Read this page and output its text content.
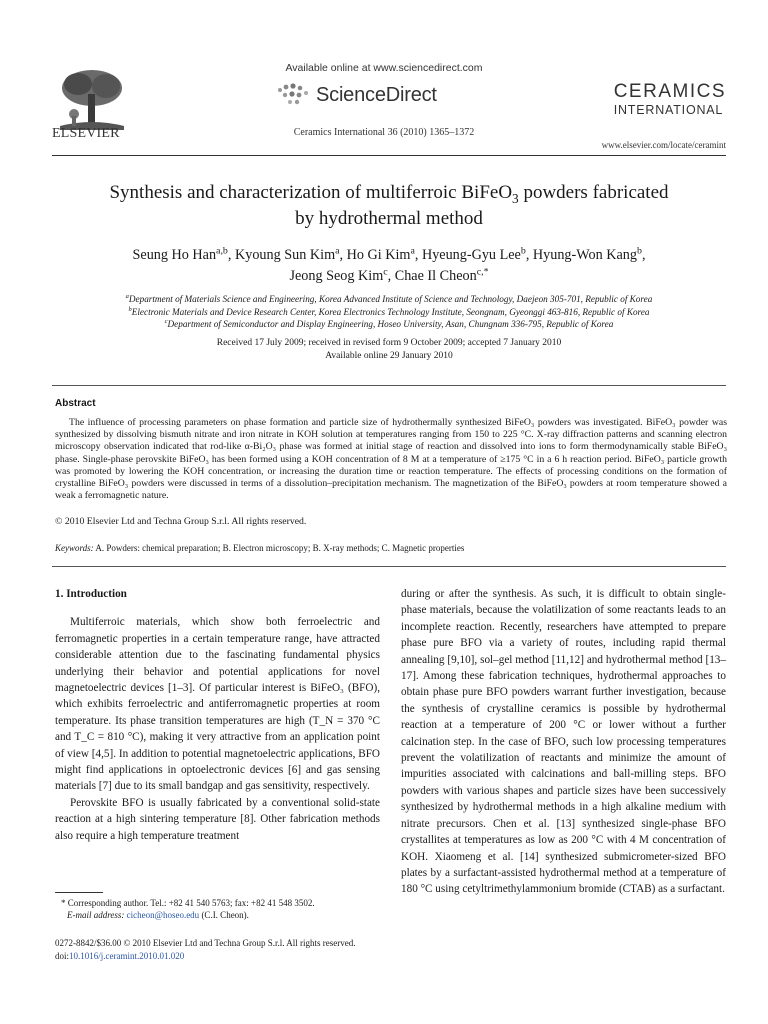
ELSEVIER
Available online at www.sciencedirect.com
ScienceDirect
Ceramics International 36 (2010) 1365–1372
CERAMICS
INTERNATIONAL
www.elsevier.com/locate/ceramint
Synthesis and characterization of multiferroic BiFeO$_3$ powders fabricated
by hydrothermal method
Seung Ho Han$^{a,b}$, Kyoung Sun Kim$^a$, Ho Gi Kim$^a$, Hyeung-Gyu Lee$^b$, Hyung-Won Kang$^b$,
Jeong Seog Kim$^c$, Chae Il Cheon$^{c,*}$
$^a$Department of Materials Science and Engineering, Korea Advanced Institute of Science and Technology, Daejeon 305-701, Republic of Korea
$^b$Electronic Materials and Device Research Center, Korea Electronics Technology Institute, Seongnam, Gyeonggi 463-816, Republic of Korea
$^c$Department of Semiconductor and Display Engineering, Hoseo University, Asan, Chungnam 336-795, Republic of Korea
Received 17 July 2009; received in revised form 9 October 2009; accepted 7 January 2010
Available online 29 January 2010
Abstract
The influence of processing parameters on phase formation and particle size of hydrothermally synthesized BiFeO₃ powders was investigated. BiFeO₃ powder was synthesized by dissolving bismuth nitrate and iron nitrate in KOH solution at temperatures ranging from 150 to 225 °C. X-ray diffraction patterns and scanning electron microscopy observation indicated that rod-like α-Bi₂O₃ phase was formed at initial stage of reaction and dissolved into ions to form thermodynamically stable BiFeO₃ phase. Single-phase perovskite BiFeO₃ has been formed using a KOH concentration of 8 M at a temperature of ≥175 °C in a 6 h reaction period. BiFeO₃ particle growth was promoted by lowering the KOH concentration, or increasing the duration time or reaction temperature. The effects of processing conditions on the formation of crystalline BiFeO₃ powders were discussed in terms of a dissolution–precipitation mechanism. The magnetization of the BiFeO₃ powders at room temperature showed a weak a ferromagnetic nature.
© 2010 Elsevier Ltd and Techna Group S.r.l. All rights reserved.
Keywords: A. Powders: chemical preparation; B. Electron microscopy; B. X-ray methods; C. Magnetic properties
1. Introduction

Multiferroic materials, which show both ferroelectric and ferromagnetic properties in a certain temperature range, have attracted considerable attention due to the fascinating fundamental physics underlying their behavior and potential applications for novel magnetoelectric devices [1–3]. Of particular interest is BiFeO₃ (BFO), which exhibits ferroelectric and antiferromagnetic properties at room temperature. Its phase transition temperatures are high (T_N = 370 °C and T_C = 810 °C), making it very attractive from an application point of view [4,5]. In addition to potential magnetoelectric applications, BFO might find applications in optoelectronic devices [6] and gas sensing materials [7] due to its small bandgap and gas sensitivity, respectively.

Perovskite BFO is usually fabricated by a conventional solid-state reaction at a high sintering temperature [8]. Other fabrication methods also require a high temperature treatment

during or after the synthesis. As such, it is difficult to obtain single-phase materials, because the volatilization of some reactants leads to an incomplete reaction. Recently, researchers have attempted to prepare phase pure BFO via a variety of routes, including rapid thermal annealing [9,10], sol–gel method [11,12] and hydrothermal method [13–17]. Among these fabrication techniques, hydrothermal approaches to obtain phase pure BFO powders warrant further investigation, because the synthesis of crystalline ceramics is possible by hydrothermal reaction at a temperature of 200 °C or lower without a further calcination step. In the case of BFO, such low processing temperatures prevent the volatilization of reactants and minimize the amount of impurities associated with calcinations and ball-milling steps. BFO powders with various shapes and particle sizes have been successively synthesized by hydrothermal methods in a high alkaline medium with nitrate precursors. Chen et al. [13] synthesized single-phase BFO crystallites at temperatures as low as 200 °C with 4 M concentration of KOH. Xiaomeng et al. [14] synthesized submicrometer-sized BFO plates by a surfactant-assisted hydrothermal method at a temperature of 180 °C using cetyltrimethylammonium bromide (CTAB) as a surfactant.

* Corresponding author. Tel.: +82 41 540 5763; fax: +82 41 548 3502.
E-mail address: cicheon@hoseo.edu (C.I. Cheon).
0272-8842/$36.00 © 2010 Elsevier Ltd and Techna Group S.r.l. All rights reserved.
doi:10.1016/j.ceramint.2010.01.020
